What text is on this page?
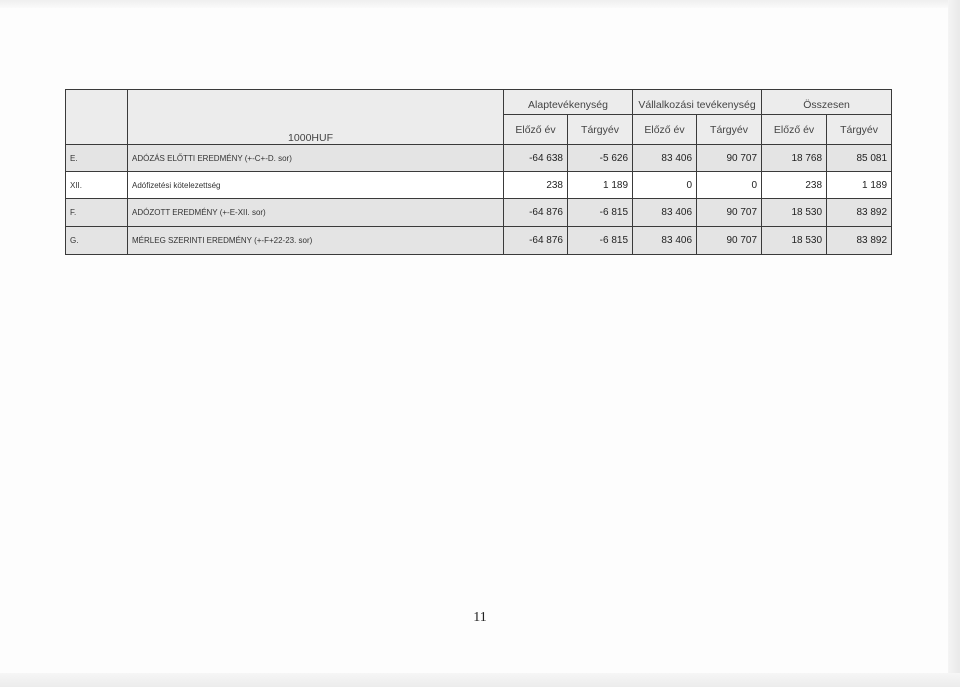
	1000HUF	Alaptevékenység		Vállalkozási tevékenység		Összesen	
		Előző év	Tárgyév	Előző év	Tárgyév	Előző év	Tárgyév
E.	ADÓZÁS ELŐTTI EREDMÉNY (+-C+-D. sor)	-64 638	-5 626	83 406	90 707	18 768	85 081
XII.	Adófizetési kötelezettség	238	1 189	0	0	238	1 189
F.	ADÓZOTT EREDMÉNY (+-E-XII. sor)	-64 876	-6 815	83 406	90 707	18 530	83 892
G.	MÉRLEG SZERINTI EREDMÉNY (+-F+22-23. sor)	-64 876	-6 815	83 406	90 707	18 530	83 892
11
